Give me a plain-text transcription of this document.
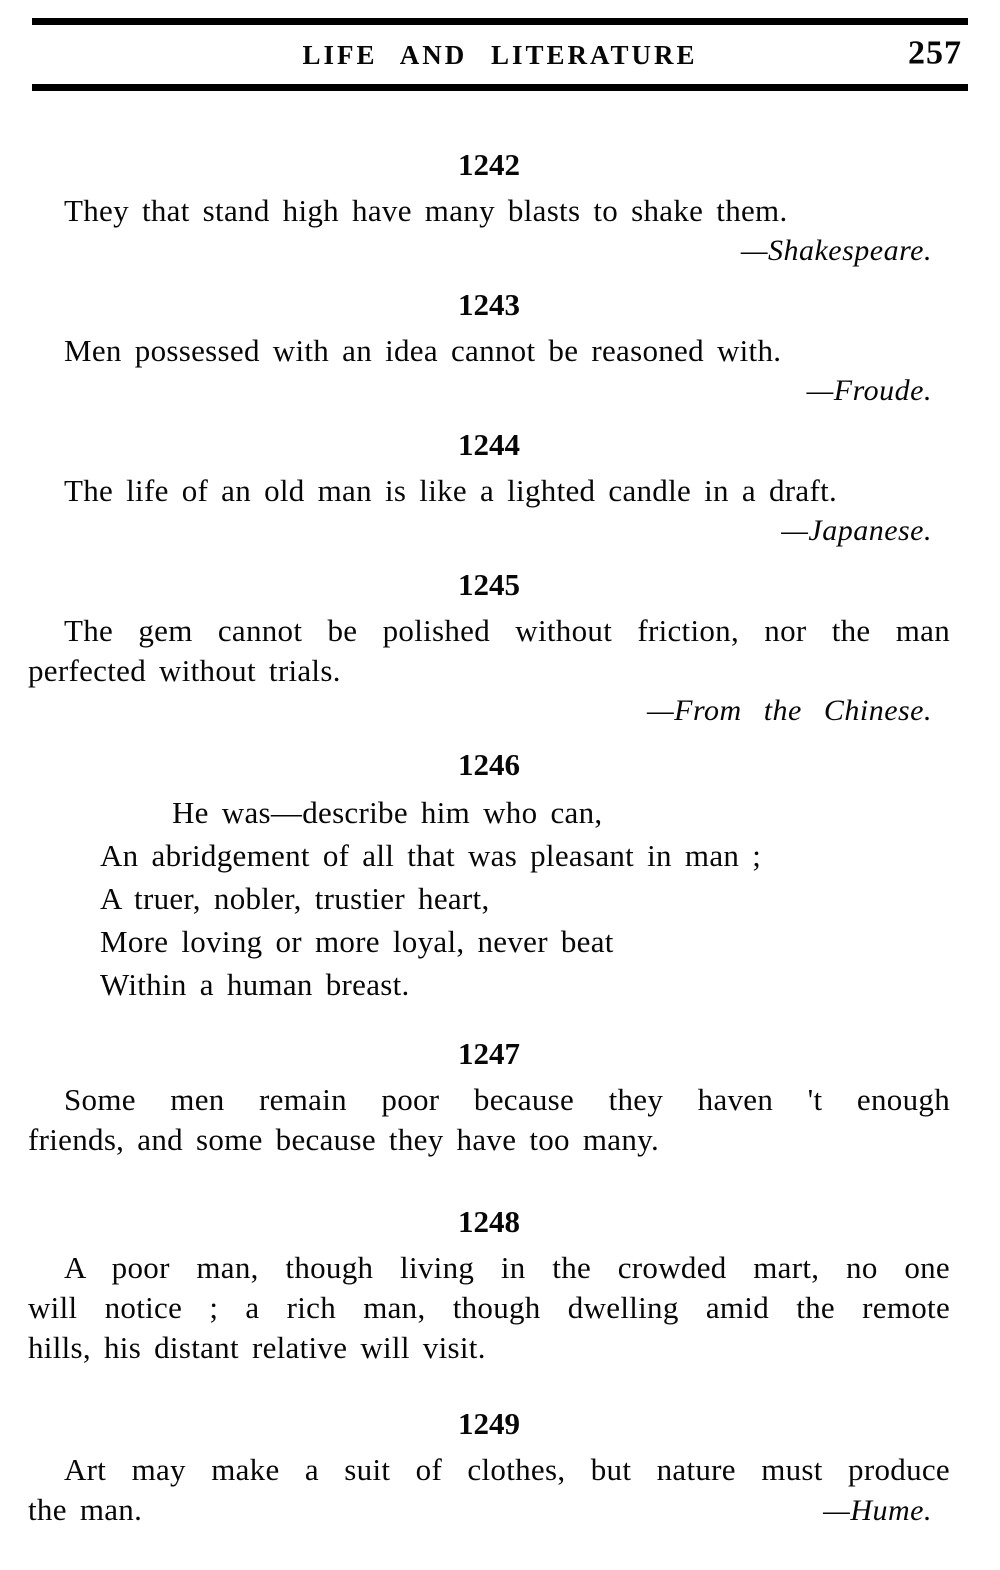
LIFE AND LITERATURE	257
1242
They that stand high have many blasts to shake them.
—Shakespeare.
1243
Men possessed with an idea cannot be reasoned with.
—Froude.
1244
The life of an old man is like a lighted candle in a draft.
—Japanese.
1245
The gem cannot be polished without friction, nor the man
perfected without trials.
—From the Chinese.
1246
He was—describe him who can,
An abridgement of all that was pleasant in man ;
A truer, nobler, trustier heart,
More loving or more loyal, never beat
Within a human breast.
1247
Some men remain poor because they haven 't enough
friends, and some because they have too many.
1248
A poor man, though living in the crowded mart, no one
will notice ; a rich man, though dwelling amid the remote
hills, his distant relative will visit.
1249
Art may make a suit of clothes, but nature must produce
the man.	—Hume.
